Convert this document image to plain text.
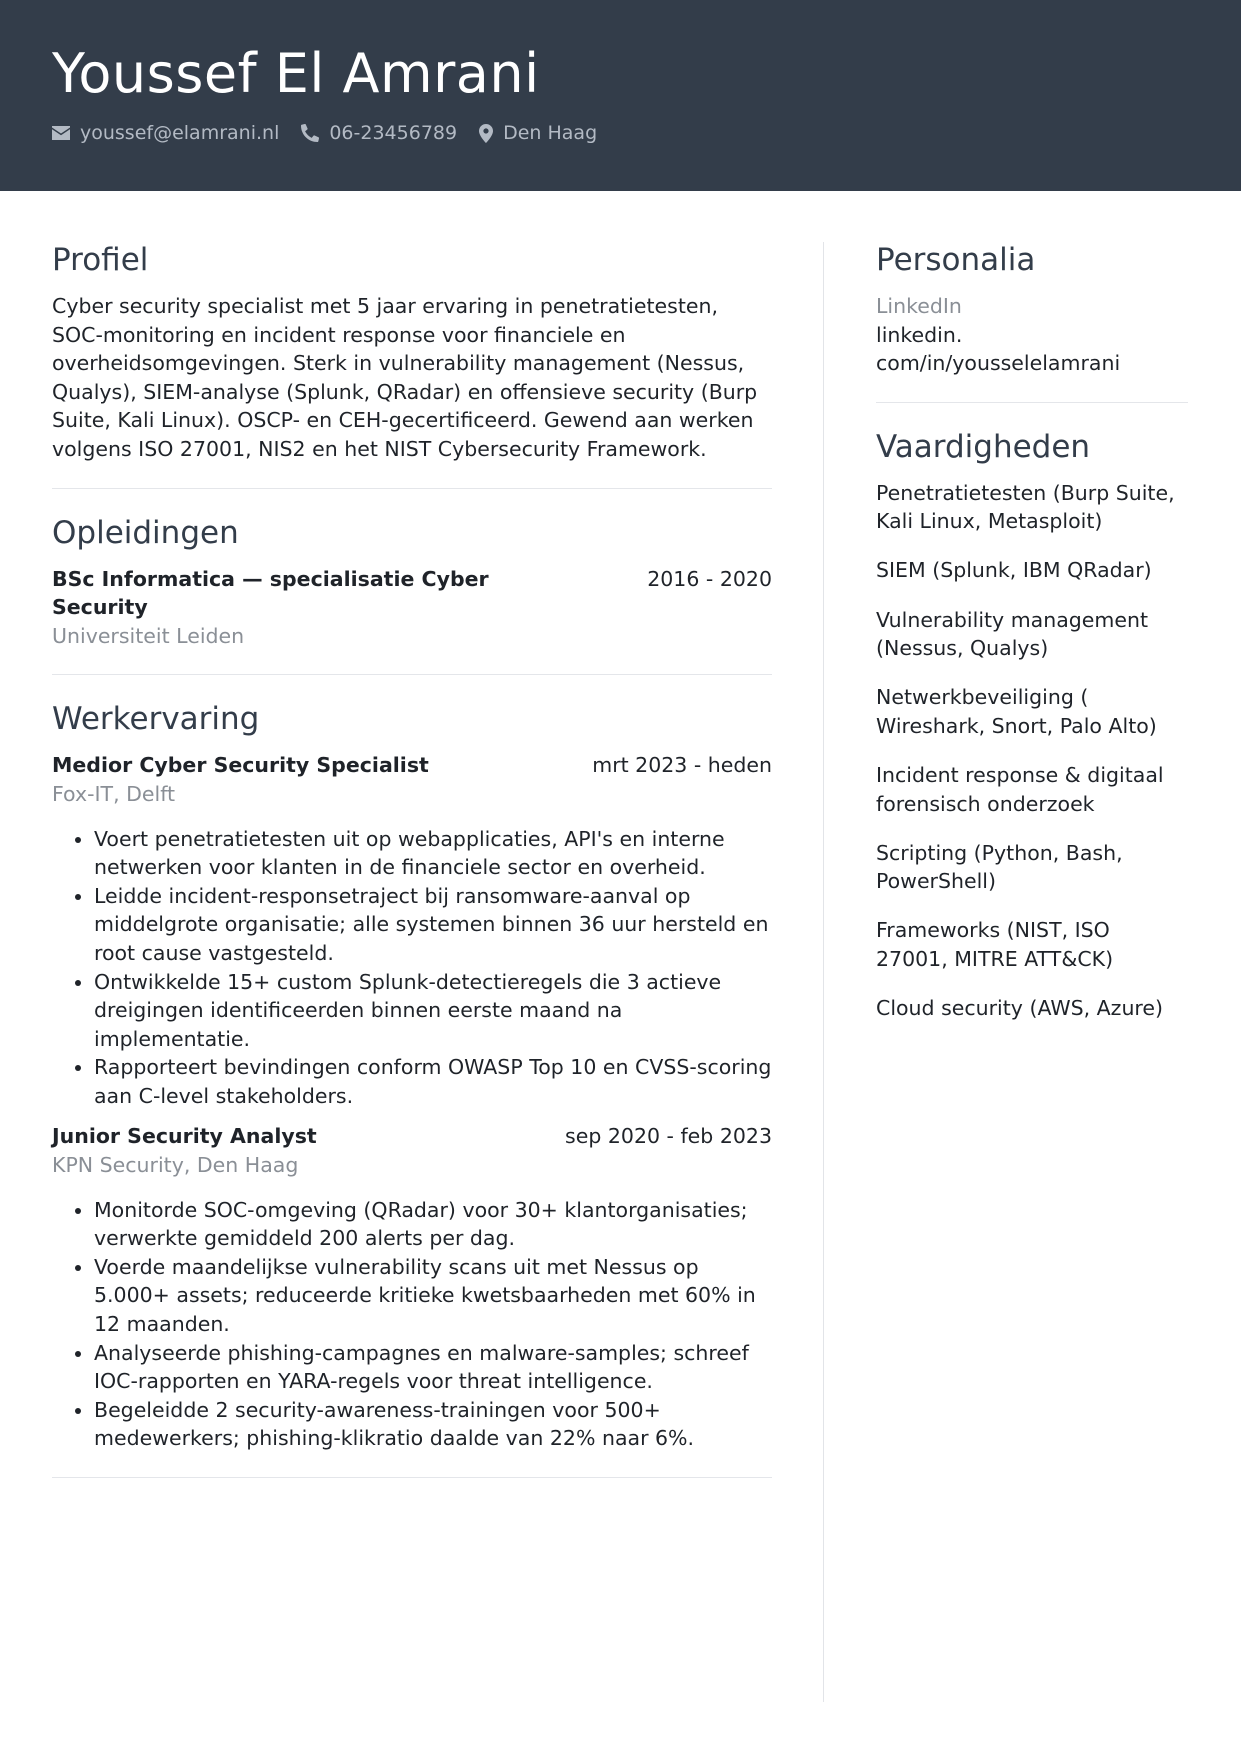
Youssef El Amrani
youssef@elamrani.nl	06-23456789 Den Haag
Profiel
Cyber security specialist met 5 jaar ervaring in penetratietesten, SOC-monitoring en incident response voor financiele en overheidsomgevingen. Sterk in vulnerability management (Nessus, Qualys), SIEM-analyse (Splunk, QRadar) en offensieve security (Burp Suite, Kali Linux). OSCP- en CEH-gecertificeerd. Gewend aan werken volgens ISO 27001, NIS2 en het NIST Cybersecurity Framework.
Opleidingen
BSc Informatica — specialisatie Cyber Security
2016 - 2020
Universiteit Leiden
Werkervaring
Medior Cyber Security Specialist	mrt 2023 - heden
Fox-IT, Delft
• Voert penetratietesten uit op webapplicaties, API's en interne netwerken voor klanten in de financiele sector en overheid.
• Leidde incident-responsetraject bij ransomware-aanval op middelgrote organisatie; alle systemen binnen 36 uur hersteld en root cause vastgesteld.
• Ontwikkelde 15+ custom Splunk-detectieregels die 3 actieve dreigingen identificeerden binnen eerste maand na implementatie.
• Rapporteert bevindingen conform OWASP Top 10 en CVSS-scoring aan C-level stakeholders.
Junior Security Analyst	sep 2020 - feb 2023
KPN Security, Den Haag
• Monitorde SOC-omgeving (QRadar) voor 30+ klantorganisaties; verwerkte gemiddeld 200 alerts per dag.
• Voerde maandelijkse vulnerability scans uit met Nessus op 5.000+ assets; reduceerde kritieke kwetsbaarheden met 60% in 12 maanden.
• Analyseerde phishing-campagnes en malware-samples; schreef IOC-rapporten en YARA-regels voor threat intelligence.
• Begeleidde 2 security-awareness-trainingen voor 500+ medewerkers; phishing-klikratio daalde van 22% naar 6%.
Personalia
LinkedIn
linkedin.
com/in/yousselelamrani
Vaardigheden
Penetratietesten (Burp Suite, Kali Linux, Metasploit)
SIEM (Splunk, IBM QRadar)
Vulnerability management (Nessus, Qualys)
Netwerkbeveiliging ( Wireshark, Snort, Palo Alto)
Incident response & digitaal forensisch onderzoek
Scripting (Python, Bash, PowerShell)
Frameworks (NIST, ISO 27001, MITRE ATT&CK)
Cloud security (AWS, Azure)
